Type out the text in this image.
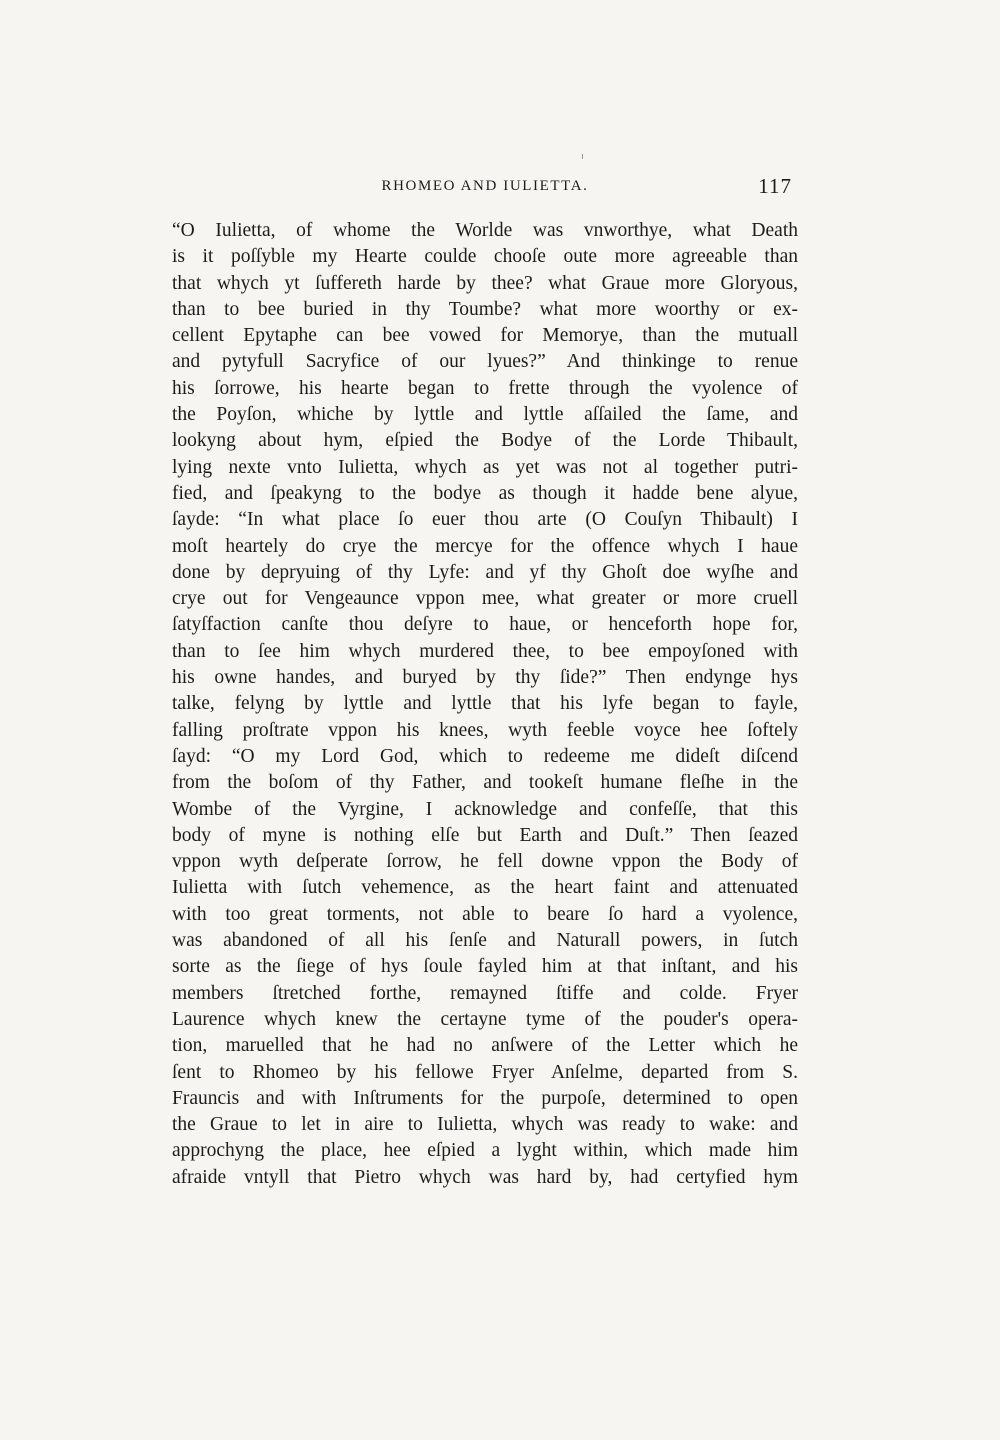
RHOMEO AND IULIETTA.	117
“O Iulietta, of whome the Worlde was vnworthye, what Death
is it poſſyble my Hearte coulde chooſe oute more agreeable than
that whych yt ſuffereth harde by thee? what Graue more Gloryous,
than to bee buried in thy Toumbe? what more woorthy or ex-
cellent Epytaphe can bee vowed for Memorye, than the mutuall
and pytyfull Sacryfice of our lyues?” And thinkinge to renue
his ſorrowe, his hearte began to frette through the vyolence of
the Poyſon, whiche by lyttle and lyttle aſſailed the ſame, and
lookyng about hym, eſpied the Bodye of the Lorde Thibault,
lying nexte vnto Iulietta, whych as yet was not al together putri-
fied, and ſpeakyng to the bodye as though it hadde bene alyue,
ſayde: “In what place ſo euer thou arte (O Couſyn Thibault) I
moſt heartely do crye the mercye for the offence whych I haue
done by depryuing of thy Lyfe: and yf thy Ghoſt doe wyſhe and
crye out for Vengeaunce vppon mee, what greater or more cruell
ſatyſfaction canſte thou deſyre to haue, or henceforth hope for,
than to ſee him whych murdered thee, to bee empoyſoned with
his owne handes, and buryed by thy ſide?” Then endynge hys
talke, felyng by lyttle and lyttle that his lyfe began to fayle,
falling proſtrate vppon his knees, wyth feeble voyce hee ſoftely
ſayd: “O my Lord God, which to redeeme me dideſt diſcend
from the boſom of thy Father, and tookeſt humane fleſhe in the
Wombe of the Vyrgine, I acknowledge and confeſſe, that this
body of myne is nothing elſe but Earth and Duſt.” Then ſeazed
vppon wyth deſperate ſorrow, he fell downe vppon the Body of
Iulietta with ſutch vehemence, as the heart faint and attenuated
with too great torments, not able to beare ſo hard a vyolence,
was abandoned of all his ſenſe and Naturall powers, in ſutch
sorte as the ſiege of hys ſoule fayled him at that inſtant, and his
members ſtretched forthe, remayned ſtiffe and colde. Fryer
Laurence whych knew the certayne tyme of the pouder's opera-
tion, maruelled that he had no anſwere of the Letter which he
ſent to Rhomeo by his fellowe Fryer Anſelme, departed from S.
Frauncis and with Inſtruments for the purpoſe, determined to open
the Graue to let in aire to Iulietta, whych was ready to wake: and
approchyng the place, hee eſpied a lyght within, which made him
afraide vntyll that Pietro whych was hard by, had certyfied hym
